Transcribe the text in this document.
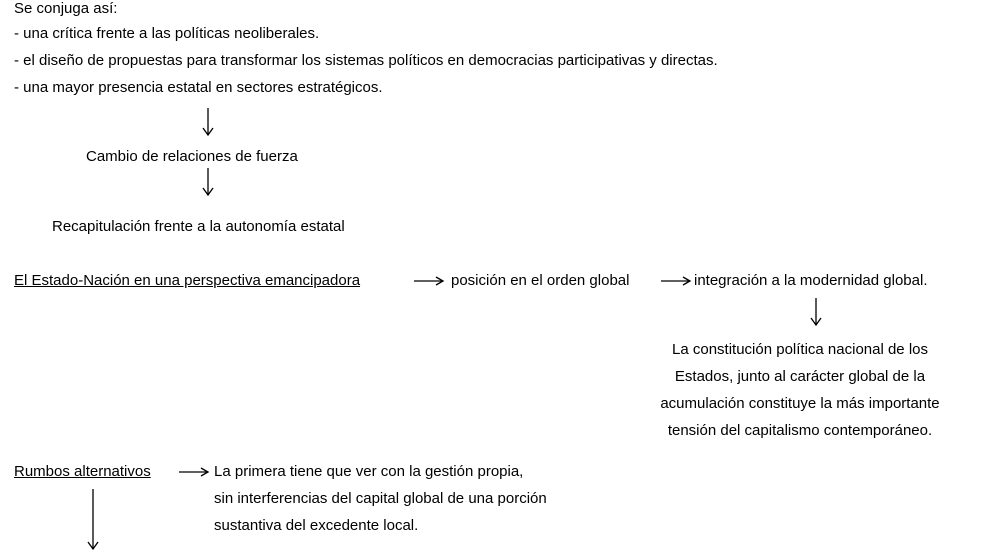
Se conjuga así:
- una crítica frente a las políticas neoliberales.
- el diseño de propuestas para transformar los sistemas políticos en democracias participativas y directas.
- una mayor presencia estatal en sectores estratégicos.
Cambio de relaciones de fuerza
Recapitulación frente a la autonomía estatal
El Estado-Nación en una perspectiva emancipadora	posición en el orden global	integración a la modernidad global.
La constitución política nacional de los
Estados, junto al carácter global de la
acumulación constituye la más importante
tensión del capitalismo contemporáneo.
Rumbos alternativos	La primera tiene que ver con la gestión propia,
sin interferencias del capital global de una porción
sustantiva del excedente local.
